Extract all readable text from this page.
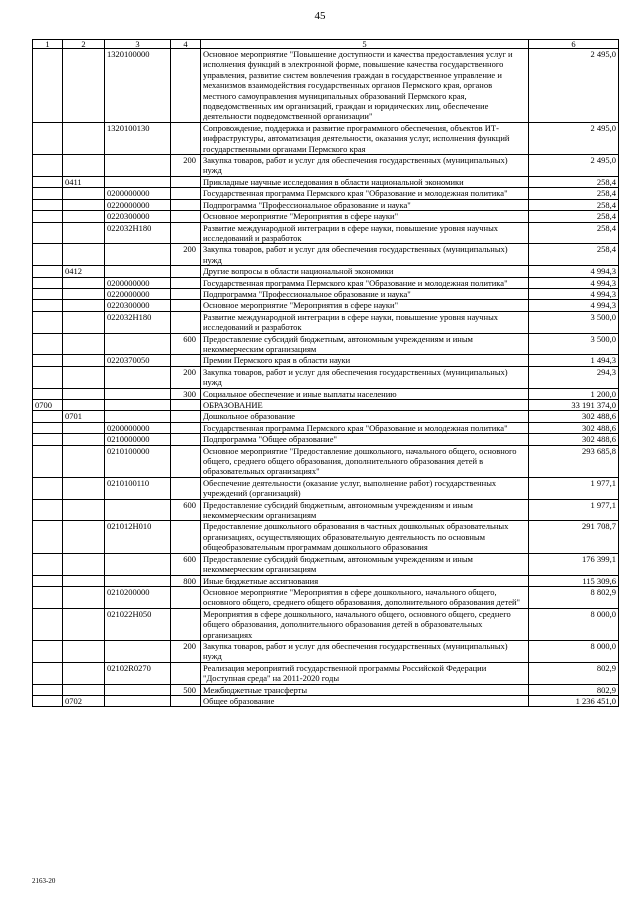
45
1	2	3	4	5	6
		1320100000		Основное мероприятие "Повышение доступности и качества предоставления услуг и исполнения функций в электронной форме, повышение качества государственного управления, развитие систем вовлечения граждан в государственное управление и механизмов взаимодействия государственных органов Пермского края, органов местного самоуправления муниципальных образований Пермского края, подведомственных им организаций, граждан и юридических лиц, обеспечение деятельности подведомственной организации"	2 495,0
		1320100130		Сопровождение, поддержка и развитие программного обеспечения, объектов ИТ-инфраструктуры, автоматизация деятельности, оказания услуг, исполнения функций государственными органами Пермского края	2 495,0
			200	Закупка товаров, работ и услуг для обеспечения государственных (муниципальных) нужд	2 495,0
	0411			Прикладные научные исследования в области национальной экономики	258,4
		0200000000		Государственная программа Пермского края "Образование и молодежная политика"	258,4
		0220000000		Подпрограмма "Профессиональное образование и наука"	258,4
		0220300000		Основное мероприятие "Мероприятия в сфере науки"	258,4
		022032Н180		Развитие международной интеграции в сфере науки, повышение уровня научных исследований и разработок	258,4
			200	Закупка товаров, работ и услуг для обеспечения государственных (муниципальных) нужд	258,4
	0412			Другие вопросы в области национальной экономики	4 994,3
		0200000000		Государственная программа Пермского края "Образование и молодежная политика"	4 994,3
		0220000000		Подпрограмма "Профессиональное образование и наука"	4 994,3
		0220300000		Основное мероприятие "Мероприятия в сфере науки"	4 994,3
		022032Н180		Развитие международной интеграции в сфере науки, повышение уровня научных исследований и разработок	3 500,0
			600	Предоставление субсидий бюджетным, автономным учреждениям и иным некоммерческим организациям	3 500,0
		0220370050		Премии Пермского края в области науки	1 494,3
			200	Закупка товаров, работ и услуг для обеспечения государственных (муниципальных) нужд	294,3
			300	Социальное обеспечение и иные выплаты населению	1 200,0
0700				ОБРАЗОВАНИЕ	33 191 374,0
	0701			Дошкольное образование	302 488,6
		0200000000		Государственная программа Пермского края "Образование и молодежная политика"	302 488,6
		0210000000		Подпрограмма "Общее образование"	302 488,6
		0210100000		Основное мероприятие "Предоставление дошкольного, начального общего, основного общего, среднего общего образования, дополнительного образования детей в образовательных организациях"	293 685,8
		0210100110		Обеспечение деятельности (оказание услуг, выполнение работ) государственных учреждений (организаций)	1 977,1
			600	Предоставление субсидий бюджетным, автономным учреждениям и иным некоммерческим организациям	1 977,1
		021012Н010		Предоставление дошкольного образования в частных дошкольных образовательных организациях, осуществляющих образовательную деятельность по основным общеобразовательным программам дошкольного образования	291 708,7
			600	Предоставление субсидий бюджетным, автономным учреждениям и иным некоммерческим организациям	176 399,1
			800	Иные бюджетные ассигнования	115 309,6
		0210200000		Основное мероприятие "Мероприятия в сфере дошкольного, начального общего, основного общего, среднего общего образования, дополнительного образования детей"	8 802,9
		021022Н050		Мероприятия в сфере дошкольного, начального общего, основного общего, среднего общего образования, дополнительного образования детей в образовательных организациях	8 000,0
			200	Закупка товаров, работ и услуг для обеспечения государственных (муниципальных) нужд	8 000,0
		02102R0270		Реализация мероприятий государственной программы Российской Федерации "Доступная среда" на 2011-2020 годы	802,9
			500	Межбюджетные трансферты	802,9
	0702			Общее образование	1 236 451,0
2163-20
